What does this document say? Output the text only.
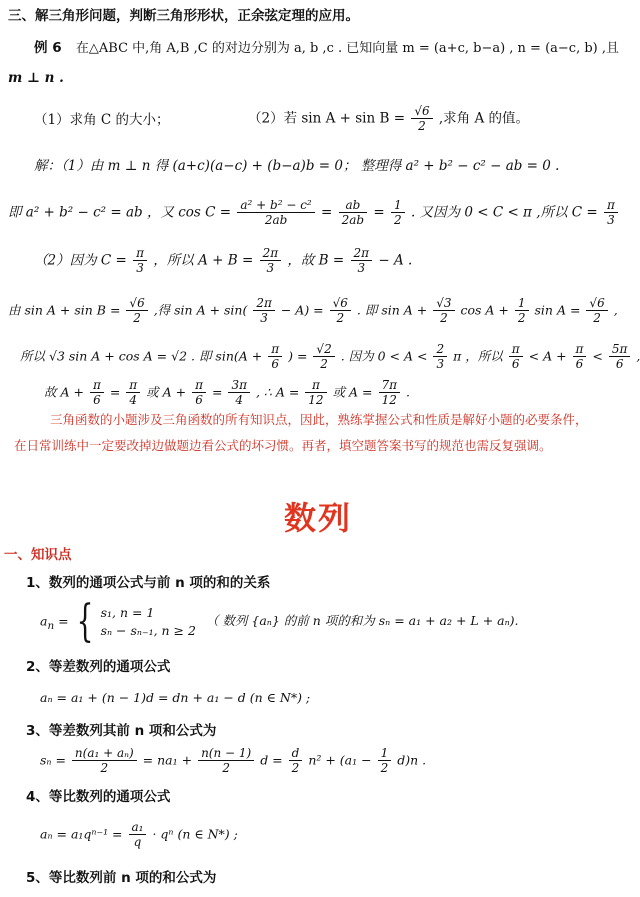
三、解三角形问题，判断三角形形状，正余弦定理的应用。
例 6 在△ABC 中,角 A,B ,C 的对边分别为 a, b ,c . 已知向量 m = (a+c, b−a) , n = (a−c, b) ,且
m ⊥ n .
（1）求角 C 的大小；	（2）若 $\sin A + \sin B = \frac{√6}{2}$ ,求角 A 的值。
解：（1）由 m ⊥ n 得 (a+c)(a−c) + (b−a)b = 0； 整理得 a² + b² − c² − ab = 0 .
即 a² + b² − c² = ab ，又 $\cos C = \frac{\text{a² + b² − c²}}{2ab} = \frac{ab}{2ab} = \frac{1}{2}$ . 又因为 0 < C < π ,所以 $C = \frac{\pi}{3}$
（2）因为 $C = \frac{\pi}{3}$ ，所以 $A + B = \frac{2\pi}{3}$ ，故 $B = \frac{2\pi}{3} - A$ .
由 $\sin A + \sin B = \frac{√6}{2}$ ,得 $\sin A + \sin( \frac{2\pi}{3} - A) = \frac{√6}{2}$ . 即 $\sin A + \frac{√3}{2}$ $\cos A + \frac{1}{2}$ $\sin A = \frac{√6}{2}$ ,
所以 √3 sin A + cos A = √2 . 即 $\sin(A + \frac{\pi}{6}$ ) = $\frac{√2}{2}$ . 因为 $0 < A < \frac{2}{3}$ π ，所以 $\frac{\pi}{6} < A + \frac{\pi}{6} < \frac{5\pi}{6}$ ,
故 $A + \frac{\pi}{6} = \frac{\pi}{4}$ 或 $A + \frac{\pi}{6} = \frac{3\pi}{4}$ , ∴ $A = \frac{\pi}{12}$ 或 $A = \frac{7\pi}{12}$ .
三角函数的小题涉及三角函数的所有知识点，因此，熟练掌握公式和性质是解好小题的必要条件，
在日常训练中一定要改掉边做题边看公式的坏习惯。再者，填空题答案书写的规范也需反复强调。
数列
一、知识点
1、数列的通项公式与前 n 项的和的关系
$a_n$ = { s₁, n = 1
sₙ − sₙ₋₁, n ≥ 2
（ 数列 {aₙ} 的前 n 项的和为 sₙ = a₁ + a₂ + L + aₙ).
2、等差数列的通项公式
aₙ = a₁ + (n − 1)d = dn + a₁ − d (n ∈ N*) ;
3、等差数列其前 n 项和公式为
$s_n = \frac{\text{n(a₁ + aₙ)}}{2} = na_1 + \frac{n(n - 1)}{2}$ $d = \frac{d}{2} n^2 + (a_1 - \frac{1}{2} d)n$ .
4、等比数列的通项公式
$a_n = a_1q^{n-1} = \frac{\text{a₁}}{q} \cdot q^n$ (n ∈ N*) ;
5、等比数列前 n 项的和公式为
